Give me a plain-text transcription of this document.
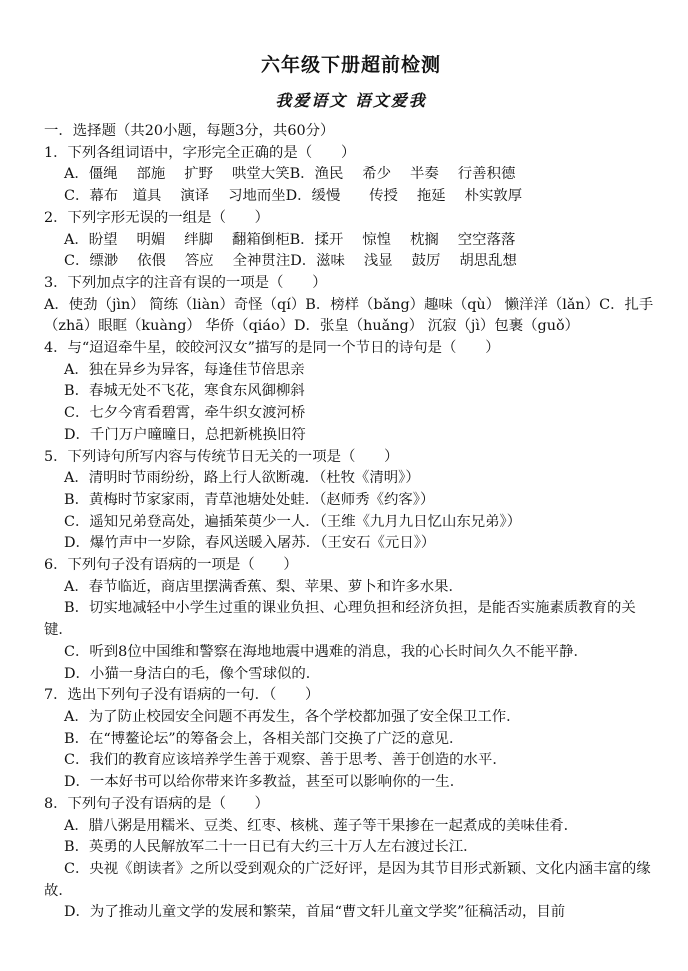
六年级下册超前检测
我爱语文 语文爱我
一．选择题（共20小题，每题3分，共60分）
1．下列各组词语中，字形完全正确的是（　　）
A．僵绳　 部施　 扩野　 哄堂大笑B．渔民　 希少　 半奏　 行善积德
C．幕布　道具　 演译　 习地而坐D．缓慢　　传授　 拖延　 朴实敦厚
2．下列字形无误的一组是（　　）
A．盼望　 明媚　 绊脚　 翻箱倒柜B．揉开　 惊惶　 枕搁　 空空落落
C．缥渺　 依偎　 答应　 全神贯注D．滋味　 浅显　 鼓厉　 胡思乱想
3．下列加点字的注音有误的一项是（　　）
A．使劲（jìn） 简练（liàn）奇怪（qí）B．榜样（bǎng）趣味（qù） 懒洋洋（lǎn）C．扎手（zhā）眼眶（kuàng） 华侨（qiáo）D．张皇（huǎng） 沉寂（jì）包裹（guǒ）
4．与“迢迢牵牛星，皎皎河汉女”描写的是同一个节日的诗句是（　　）
A．独在异乡为异客，每逢佳节倍思亲
B．春城无处不飞花，寒食东风御柳斜
C．七夕今宵看碧霄，牵牛织女渡河桥
D．千门万户曈曈日，总把新桃换旧符
5．下列诗句所写内容与传统节日无关的一项是（　　）
A．清明时节雨纷纷，路上行人欲断魂．（杜牧《清明》）
B．黄梅时节家家雨，青草池塘处处蛙．（赵师秀《约客》）
C．遥知兄弟登高处，遍插茱萸少一人．（王维《九月九日忆山东兄弟》）
D．爆竹声中一岁除，春风送暖入屠苏．（王安石《元日》）
6．下列句子没有语病的一项是（　　）
A．春节临近，商店里摆满香蕉、梨、苹果、萝卜和许多水果．
B．切实地减轻中小学生过重的课业负担、心理负担和经济负担，是能否实施素质教育的关键．
C．听到8位中国维和警察在海地地震中遇难的消息，我的心长时间久久不能平静．
D．小猫一身洁白的毛，像个雪球似的．
7．选出下列句子没有语病的一句．（　　）
A．为了防止校园安全问题不再发生，各个学校都加强了安全保卫工作．
B．在“博鳌论坛”的筹备会上，各相关部门交换了广泛的意见．
C．我们的教育应该培养学生善于观察、善于思考、善于创造的水平．
D．一本好书可以给你带来许多教益，甚至可以影响你的一生．
8．下列句子没有语病的是（　　）
A．腊八粥是用糯米、豆类、红枣、核桃、莲子等干果掺在一起煮成的美味佳肴．
B．英勇的人民解放军二十一日已有大约三十万人左右渡过长江．
C．央视《朗读者》之所以受到观众的广泛好评，是因为其节目形式新颖、文化内涵丰富的缘故．
D．为了推动儿童文学的发展和繁荣，首届“曹文轩儿童文学奖”征稿活动，目前
